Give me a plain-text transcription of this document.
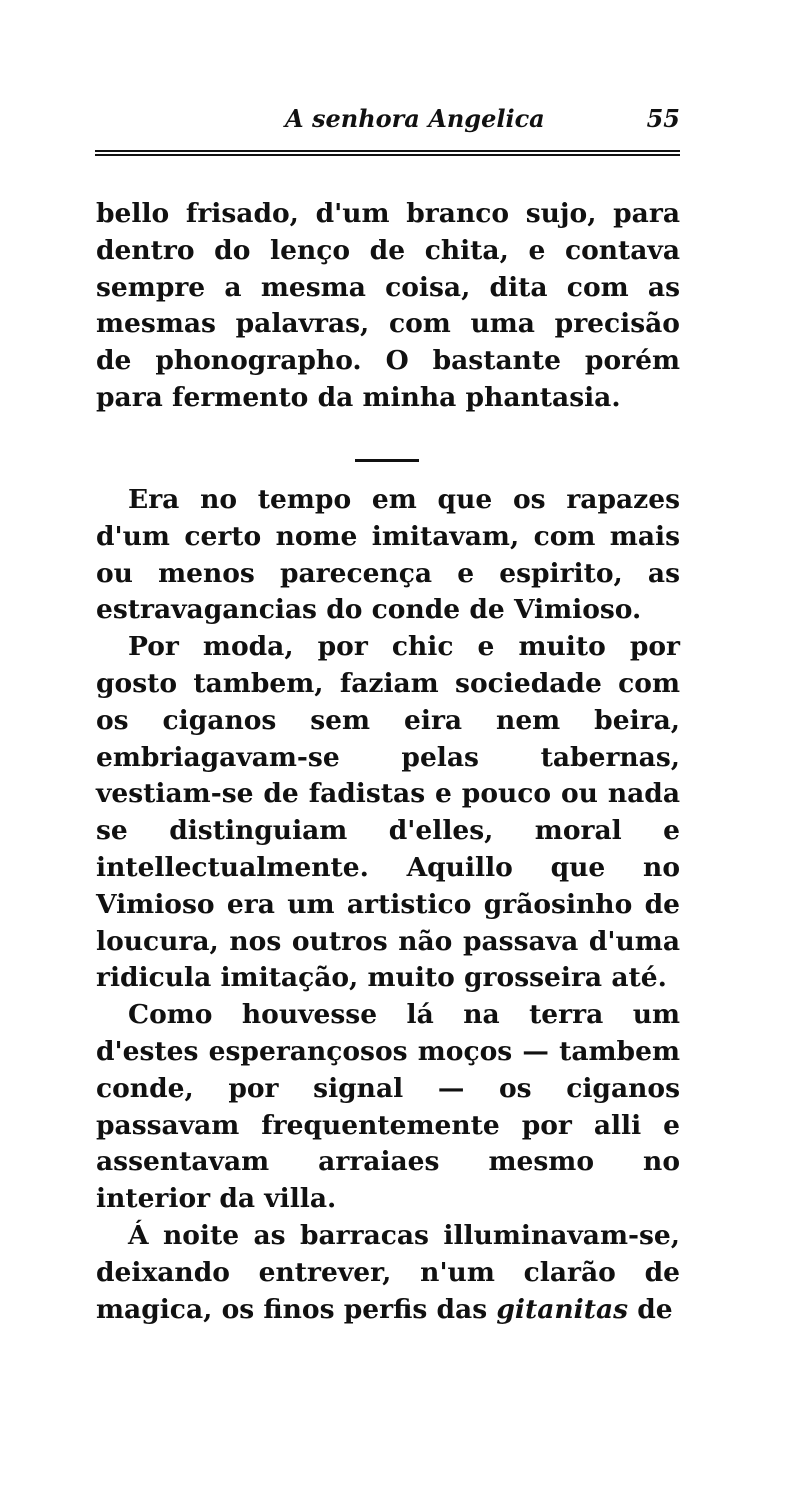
A senhora Angelica	55

bello frisado, d'um branco sujo, para dentro do lenço de chita, e contava sempre a mesma coisa, dita com as mesmas palavras, com uma precisão de phonographo. O bastante porém para fermento da minha phantasia.

Era no tempo em que os rapazes d'um certo nome imitavam, com mais ou menos parecença e espirito, as estravagancias do conde de Vimioso.

Por moda, por chic e muito por gosto tambem, faziam sociedade com os ciganos sem eira nem beira, embriagavam-se pelas tabernas, vestiam-se de fadistas e pouco ou nada se distinguiam d'elles, moral e intellectualmente. Aquillo que no Vimioso era um artistico grãosinho de loucura, nos outros não passava d'uma ridicula imitação, muito grosseira até.

Como houvesse lá na terra um d'estes esperançosos moços — tambem conde, por signal — os ciganos passavam frequentemente por alli e assentavam arraiaes mesmo no interior da villa.

Á noite as barracas illuminavam-se, deixando entrever, n'um clarão de magica, os finos perfis das gitanitas de
